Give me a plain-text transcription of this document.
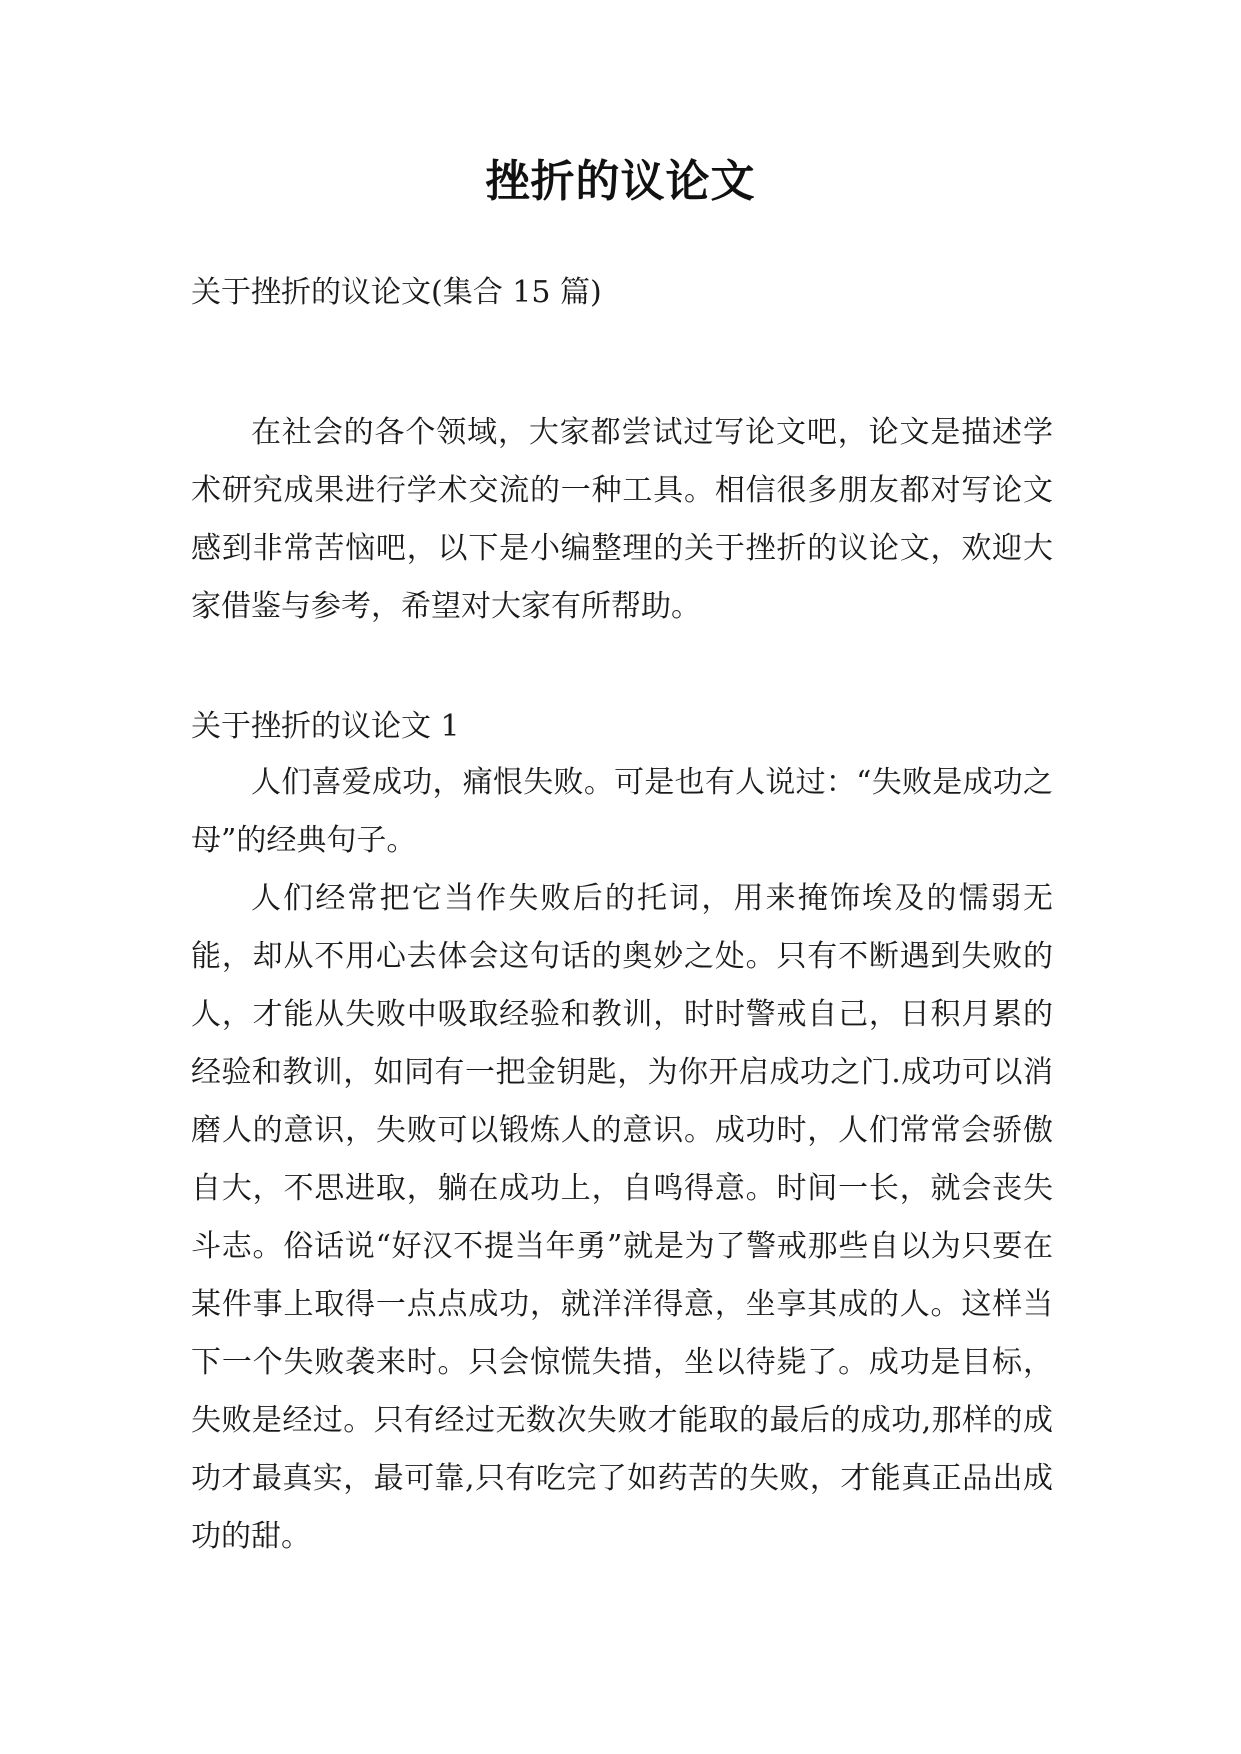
挫折的议论文

关于挫折的议论文(集合 15 篇)

在社会的各个领域，大家都尝试过写论文吧，论文是描述学术研究成果进行学术交流的一种工具。相信很多朋友都对写论文感到非常苦恼吧，以下是小编整理的关于挫折的议论文，欢迎大家借鉴与参考，希望对大家有所帮助。

关于挫折的议论文 1

人们喜爱成功，痛恨失败。可是也有人说过：“失败是成功之母”的经典句子。

人们经常把它当作失败后的托词，用来掩饰埃及的懦弱无能，却从不用心去体会这句话的奥妙之处。只有不断遇到失败的人，才能从失败中吸取经验和教训，时时警戒自己，日积月累的经验和教训，如同有一把金钥匙，为你开启成功之门.成功可以消磨人的意识，失败可以锻炼人的意识。成功时，人们常常会骄傲自大，不思进取，躺在成功上，自鸣得意。时间一长，就会丧失斗志。俗话说“好汉不提当年勇”就是为了警戒那些自以为只要在某件事上取得一点点成功，就洋洋得意，坐享其成的人。这样当下一个失败袭来时。只会惊慌失措，坐以待毙了。成功是目标，失败是经过。只有经过无数次失败才能取的最后的成功,那样的成功才最真实，最可靠,只有吃完了如药苦的失败，才能真正品出成功的甜。
